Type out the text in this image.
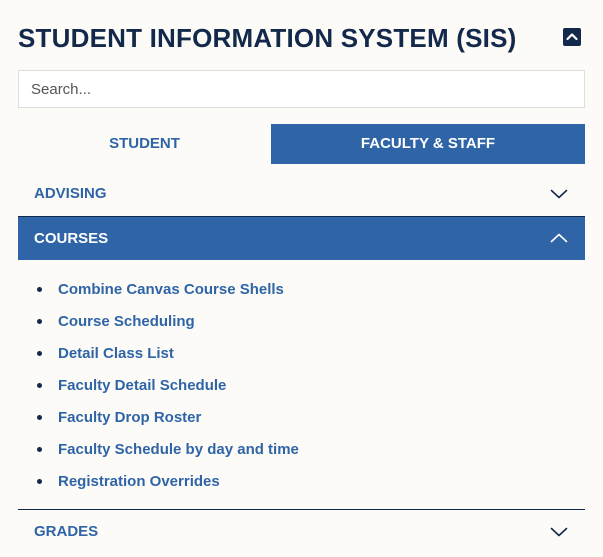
STUDENT INFORMATION SYSTEM (SIS)
Search...
STUDENT	FACULTY & STAFF
ADVISING
COURSES
Combine Canvas Course Shells
Course Scheduling
Detail Class List
Faculty Detail Schedule
Faculty Drop Roster
Faculty Schedule by day and time
Registration Overrides
GRADES
